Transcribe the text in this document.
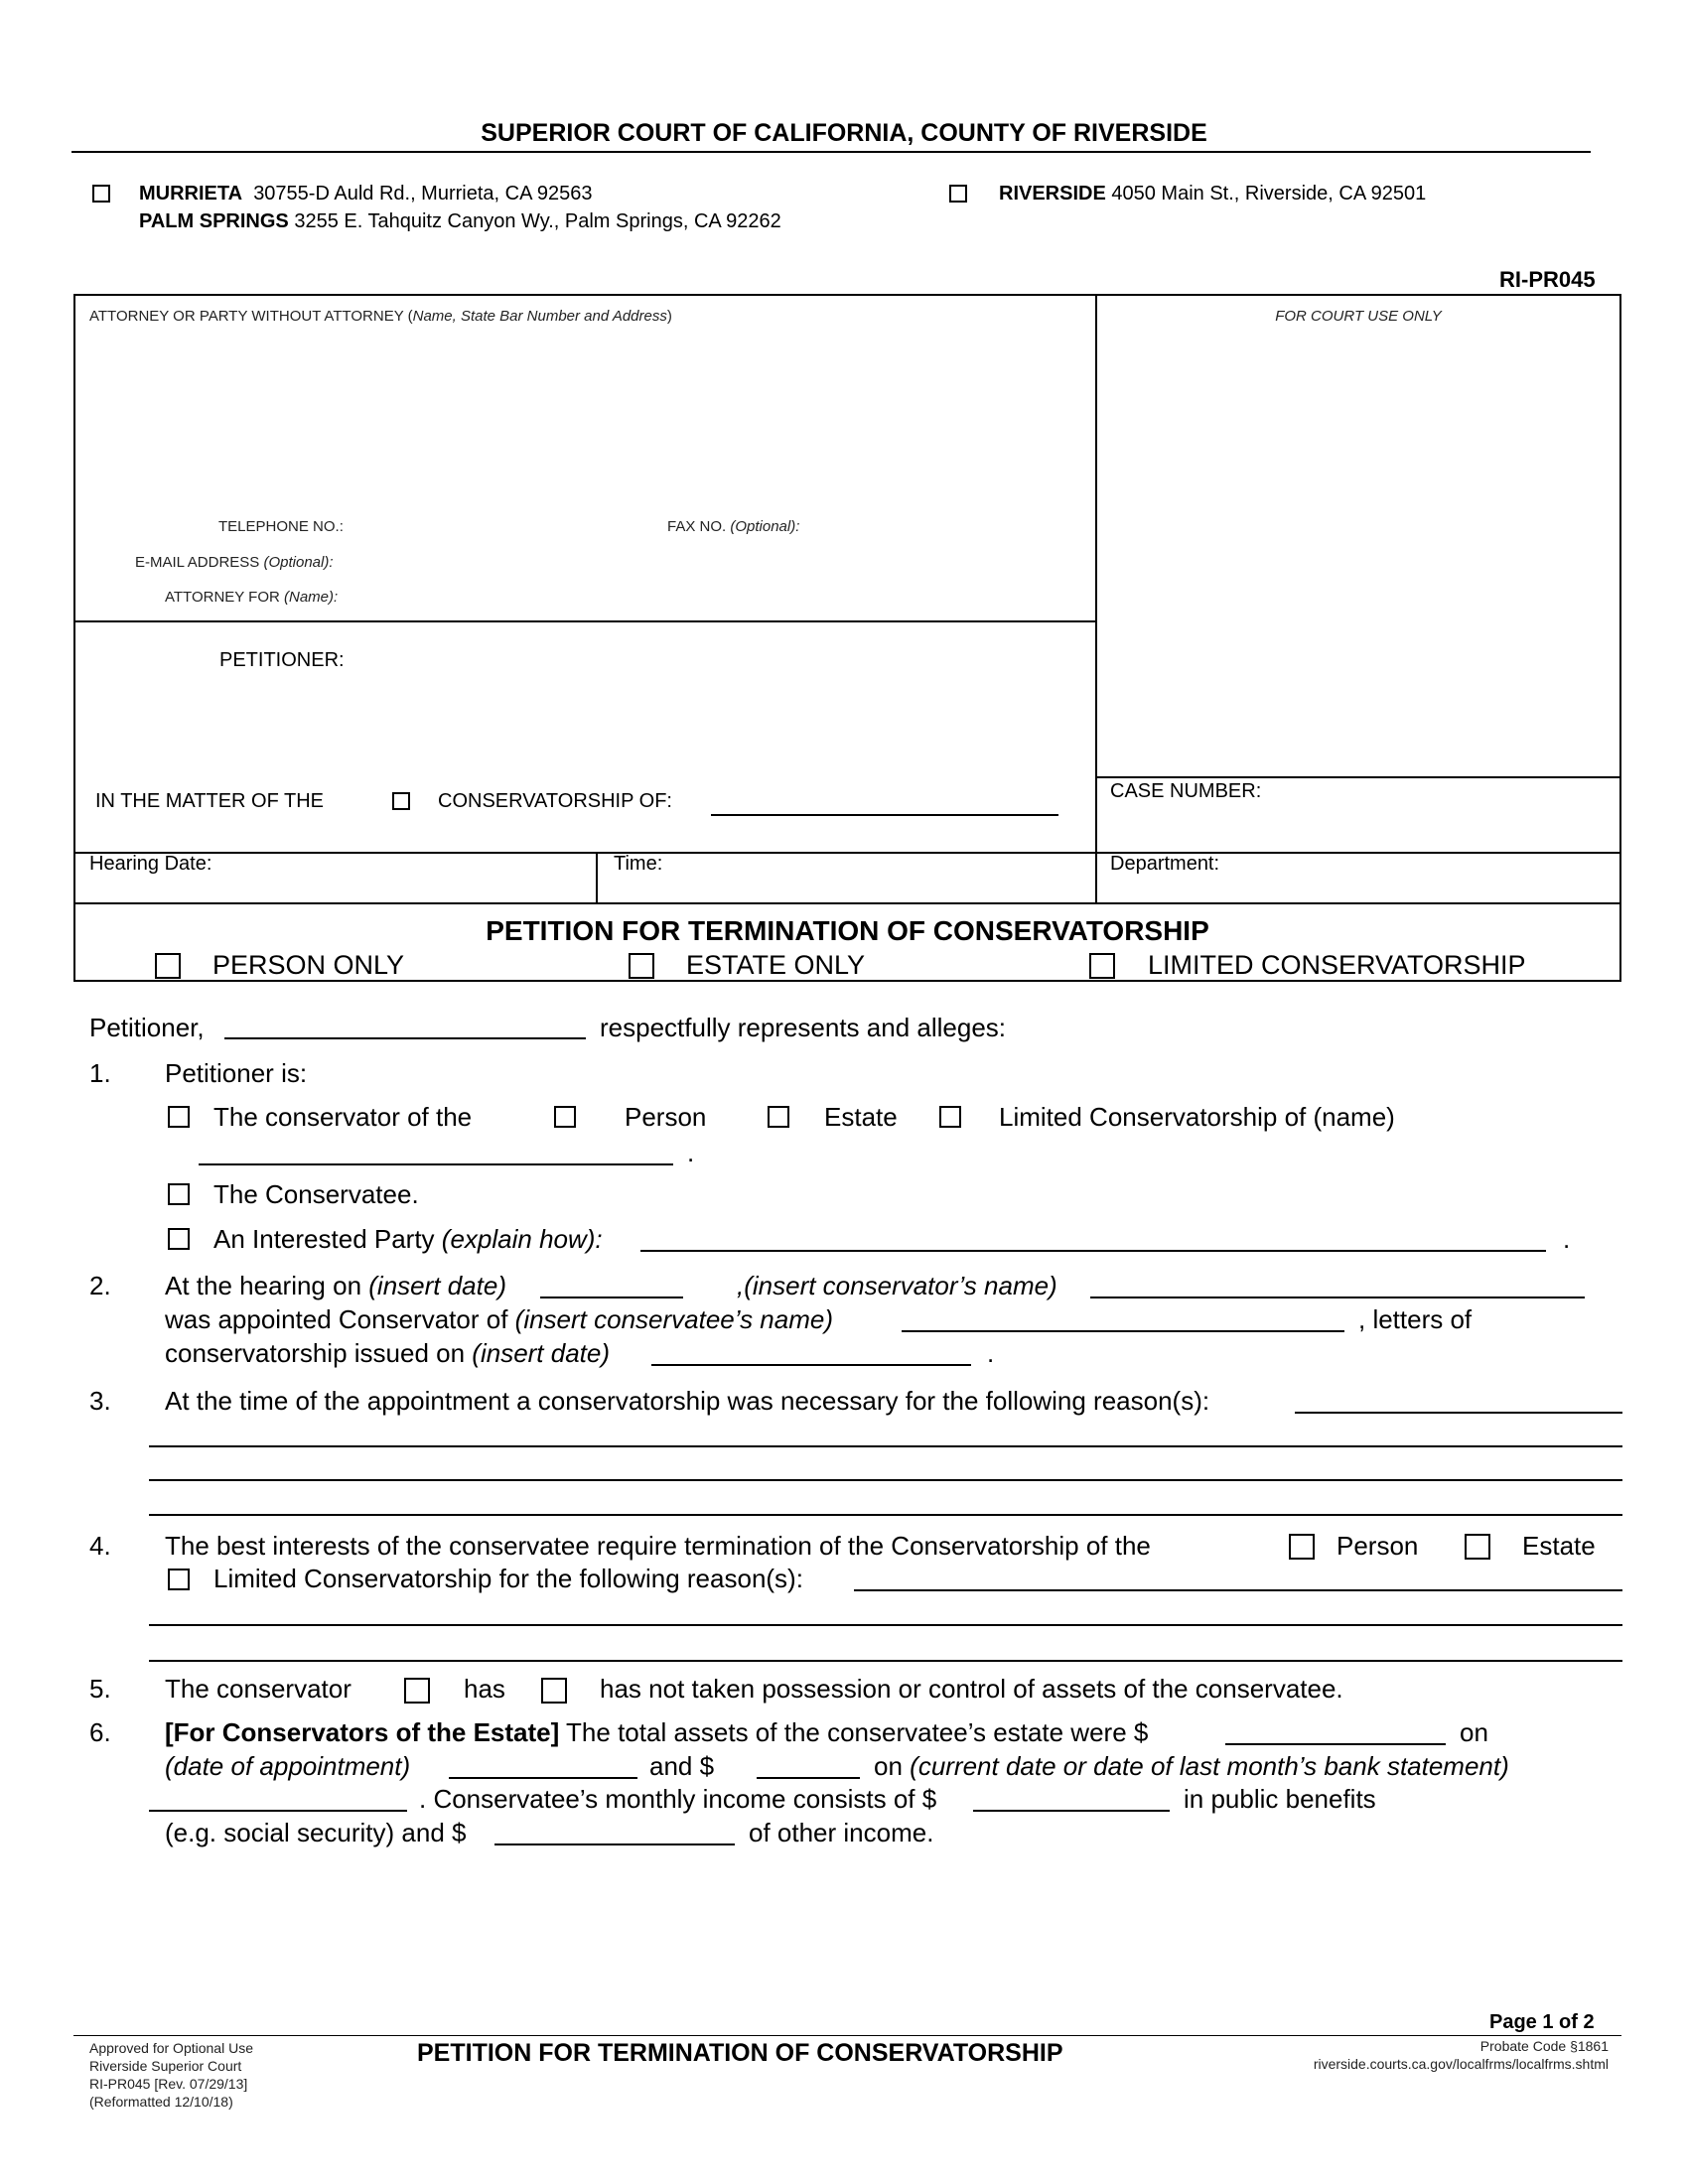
SUPERIOR COURT OF CALIFORNIA, COUNTY OF RIVERSIDE
MURRIETA 30755-D Auld Rd., Murrieta, CA 92563
PALM SPRINGS 3255 E. Tahquitz Canyon Wy., Palm Springs, CA 92262
RIVERSIDE 4050 Main St., Riverside, CA 92501
RI-PR045
ATTORNEY OR PARTY WITHOUT ATTORNEY (Name, State Bar Number and Address)	FOR COURT USE ONLY
TELEPHONE NO.:	FAX NO. (Optional):
E-MAIL ADDRESS (Optional):
ATTORNEY FOR (Name):
PETITIONER:
IN THE MATTER OF THE	CONSERVATORSHIP OF:	CASE NUMBER:
Hearing Date:	Time:	Department:
PETITION FOR TERMINATION OF CONSERVATORSHIP
PERSON ONLY	ESTATE ONLY	LIMITED CONSERVATORSHIP
Petitioner,	respectfully represents and alleges:
1. Petitioner is:
The conservator of the	Person	Estate	Limited Conservatorship of (name)
.
The Conservatee.
An Interested Party (explain how):	.
2. At the hearing on (insert date)	,(insert conservator’s name)
was appointed Conservator of (insert conservatee’s name)	, letters of
conservatorship issued on (insert date)	.
3. At the time of the appointment a conservatorship was necessary for the following reason(s):
4. The best interests of the conservatee require termination of the Conservatorship of the	Person	Estate
Limited Conservatorship for the following reason(s):
5. The conservator	has	has not taken possession or control of assets of the conservatee.
6. [For Conservators of the Estate] The total assets of the conservatee’s estate were $	on
(date of appointment)	and $	on (current date or date of last month’s bank statement)
. Conservatee’s monthly income consists of $	in public benefits
(e.g. social security) and $	of other income.
Page 1 of 2
Approved for Optional Use
Riverside Superior Court
RI-PR045 [Rev. 07/29/13]
(Reformatted 12/10/18)
PETITION FOR TERMINATION OF CONSERVATORSHIP	Probate Code §1861
riverside.courts.ca.gov/localfrms/localfrms.shtml
